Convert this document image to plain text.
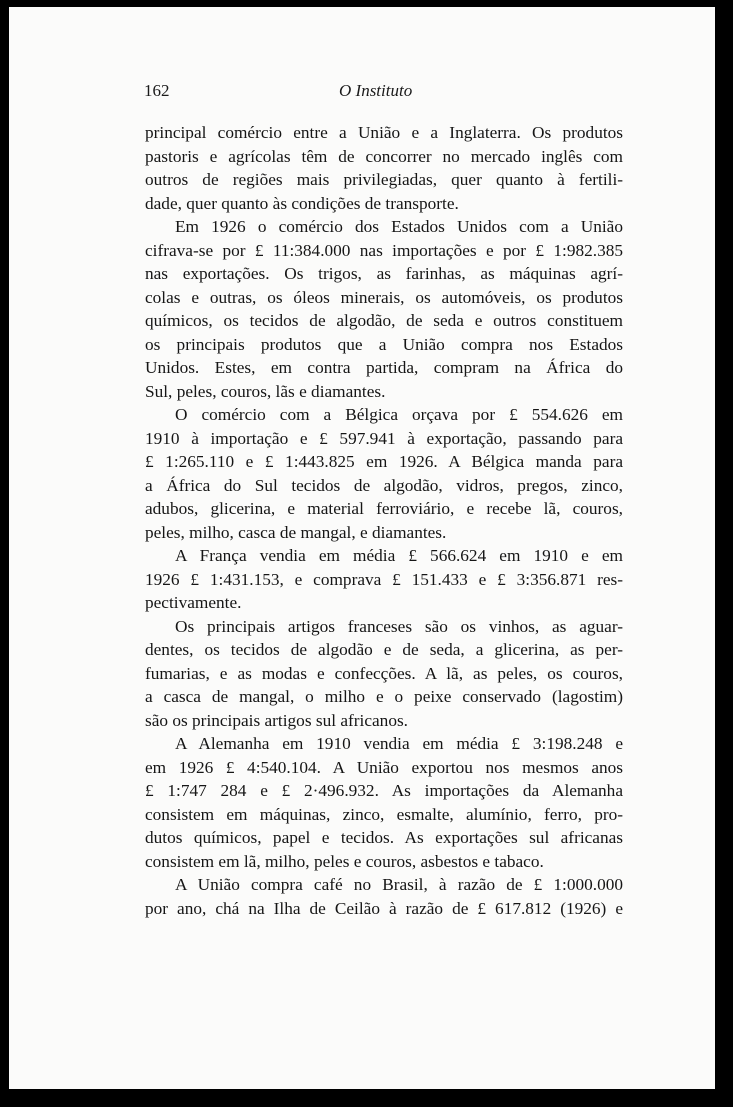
162	O Instituto
principal comércio entre a União e a Inglaterra. Os produtos
pastoris e agrícolas têm de concorrer no mercado inglês com
outros de regiões mais privilegiadas, quer quanto à fertili-
dade, quer quanto às condições de transporte.
Em 1926 o comércio dos Estados Unidos com a União
cifrava-se por £ 11:384.000 nas importações e por £ 1:982.385
nas exportações. Os trigos, as farinhas, as máquinas agrí-
colas e outras, os óleos minerais, os automóveis, os produtos
químicos, os tecidos de algodão, de seda e outros constituem
os principais produtos que a União compra nos Estados
Unidos. Estes, em contra partida, compram na África do
Sul, peles, couros, lãs e diamantes.
O comércio com a Bélgica orçava por £ 554.626 em
1910 à importação e £ 597.941 à exportação, passando para
£ 1:265.110 e £ 1:443.825 em 1926. A Bélgica manda para
a África do Sul tecidos de algodão, vidros, pregos, zinco,
adubos, glicerina, e material ferroviário, e recebe lã, couros,
peles, milho, casca de mangal, e diamantes.
A França vendia em média £ 566.624 em 1910 e em
1926 £ 1:431.153, e comprava £ 151.433 e £ 3:356.871 res-
pectivamente.
Os principais artigos franceses são os vinhos, as aguar-
dentes, os tecidos de algodão e de seda, a glicerina, as per-
fumarias, e as modas e confecções. A lã, as peles, os couros,
a casca de mangal, o milho e o peixe conservado (lagostim)
são os principais artigos sul africanos.
A Alemanha em 1910 vendia em média £ 3:198.248 e
em 1926 £ 4:540.104. A União exportou nos mesmos anos
£ 1:747 284 e £ 2·496.932. As importações da Alemanha
consistem em máquinas, zinco, esmalte, alumínio, ferro, pro-
dutos químicos, papel e tecidos. As exportações sul africanas
consistem em lã, milho, peles e couros, asbestos e tabaco.
A União compra café no Brasil, à razão de £ 1:000.000
por ano, chá na Ilha de Ceilão à razão de £ 617.812 (1926) e
